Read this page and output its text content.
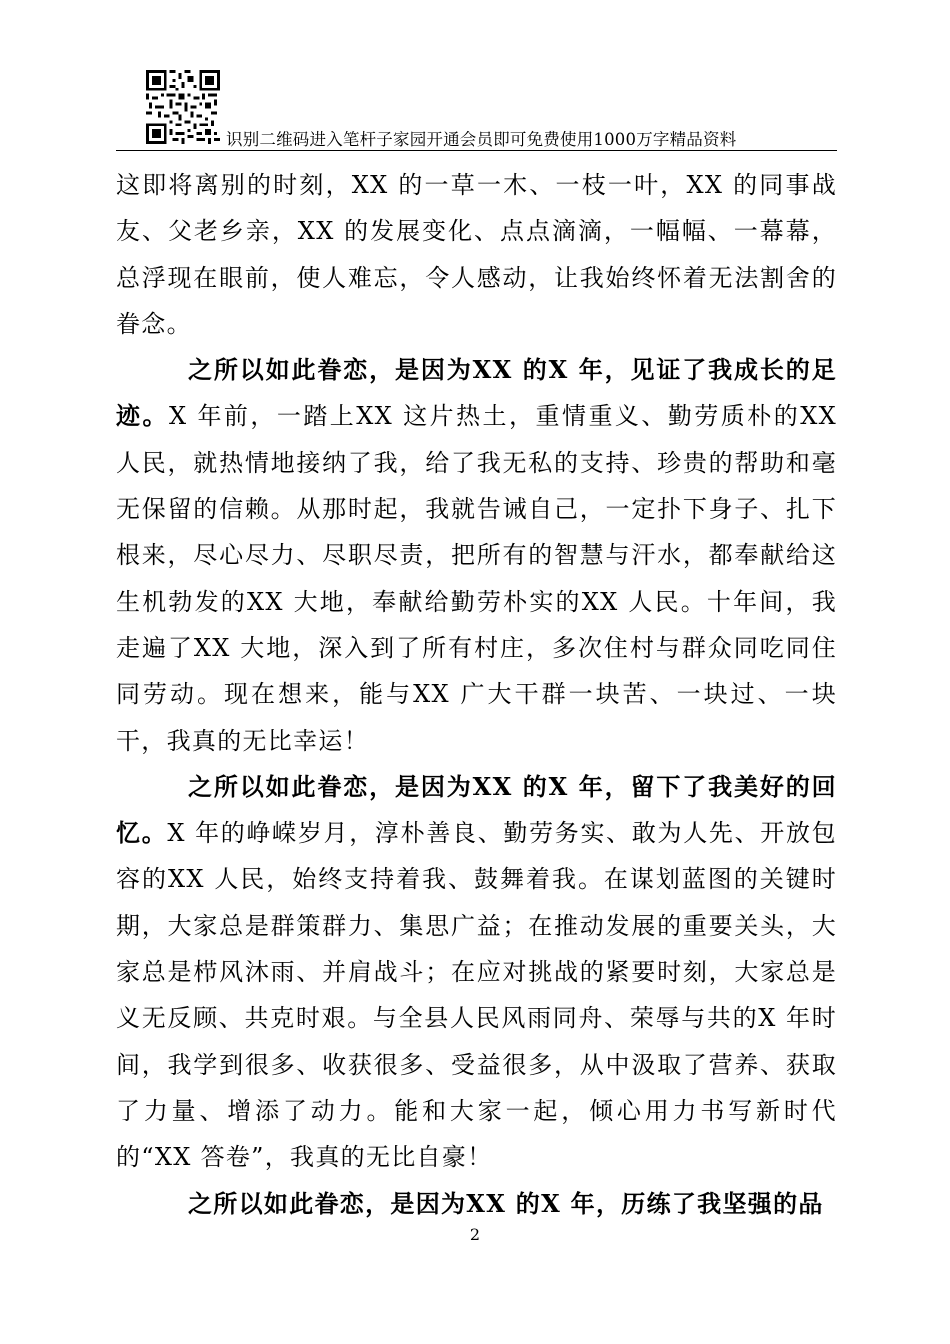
识别二维码进入笔杆子家园开通会员即可免费使用1000万字精品资料

这即将离别的时刻，XX 的一草一木、一枝一叶，XX 的同事战友、父老乡亲，XX 的发展变化、点点滴滴，一幅幅、一幕幕，总浮现在眼前，使人难忘，令人感动，让我始终怀着无法割舍的眷念。

之所以如此眷恋，是因为XX 的X 年，见证了我成长的足迹。X 年前，一踏上XX 这片热土，重情重义、勤劳质朴的XX 人民，就热情地接纳了我，给了我无私的支持、珍贵的帮助和毫无保留的信赖。从那时起，我就告诫自己，一定扑下身子、扎下根来，尽心尽力、尽职尽责，把所有的智慧与汗水，都奉献给这生机勃发的XX 大地，奉献给勤劳朴实的XX 人民。十年间，我走遍了XX 大地，深入到了所有村庄，多次住村与群众同吃同住同劳动。现在想来，能与XX 广大干群一块苦、一块过、一块干，我真的无比幸运！

之所以如此眷恋，是因为XX 的X 年，留下了我美好的回忆。X 年的峥嵘岁月，淳朴善良、勤劳务实、敢为人先、开放包容的XX 人民，始终支持着我、鼓舞着我。在谋划蓝图的关键时期，大家总是群策群力、集思广益；在推动发展的重要关头，大家总是栉风沐雨、并肩战斗；在应对挑战的紧要时刻，大家总是义无反顾、共克时艰。与全县人民风雨同舟、荣辱与共的X 年时间，我学到很多、收获很多、受益很多，从中汲取了营养、获取了力量、增添了动力。能和大家一起，倾心用力书写新时代的“XX 答卷”，我真的无比自豪！

之所以如此眷恋，是因为XX 的X 年，历练了我坚强的品

2
